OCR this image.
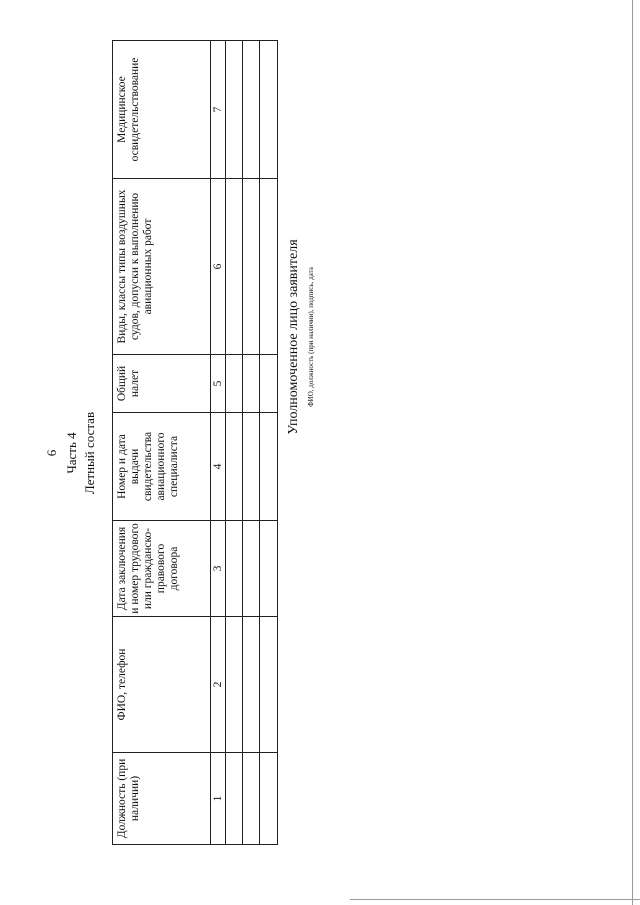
6 Часть 4 Летный состав
Должность (при наличии)	ФИО, телефон	Дата заключения и номер трудового или гражданско-правового договора	Номер и дата выдачи свидетельства авиационного специалиста	Общий налет	Виды, классы типы воздушных судов, допуски к выполнению авиационных работ	Медицинское освидетельствование
1	2	3	4	5	6	7

Уполномоченное лицо заявителя ФИО, должность (при наличии), подпись, дата
